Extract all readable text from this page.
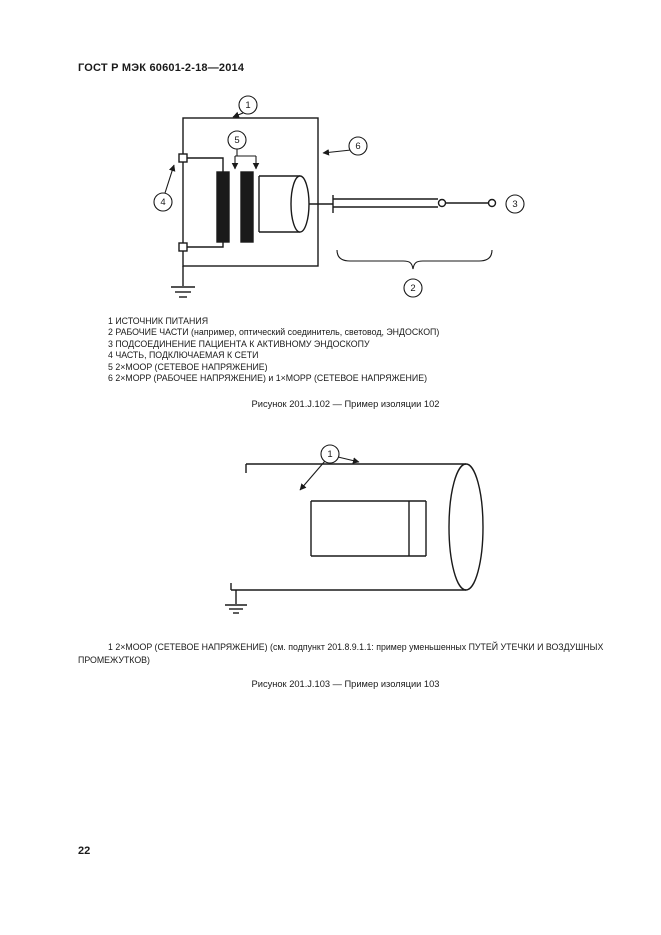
ГОСТ Р МЭК 60601-2-18—2014
1
5
4
6
3
2
1 ИСТОЧНИК ПИТАНИЯ
2 РАБОЧИЕ ЧАСТИ (например, оптический соединитель, световод, ЭНДОСКОП)
3 ПОДСОЕДИНЕНИЕ ПАЦИЕНТА К АКТИВНОМУ ЭНДОСКОПУ
4 ЧАСТЬ, ПОДКЛЮЧАЕМАЯ К СЕТИ
5 2×MOOP (СЕТЕВОЕ НАПРЯЖЕНИЕ)
6 2×MOPP (РАБОЧЕЕ НАПРЯЖЕНИЕ) и 1×MOPP (СЕТЕВОЕ НАПРЯЖЕНИЕ)
Рисунок 201.J.102 — Пример изоляции 102
1
1 2×MOOP (СЕТЕВОЕ НАПРЯЖЕНИЕ) (см. подпункт 201.8.9.1.1: пример уменьшенных ПУТЕЙ УТЕЧКИ И ВОЗДУШНЫХ ПРОМЕЖУТКОВ)
Рисунок 201.J.103 — Пример изоляции 103
22
